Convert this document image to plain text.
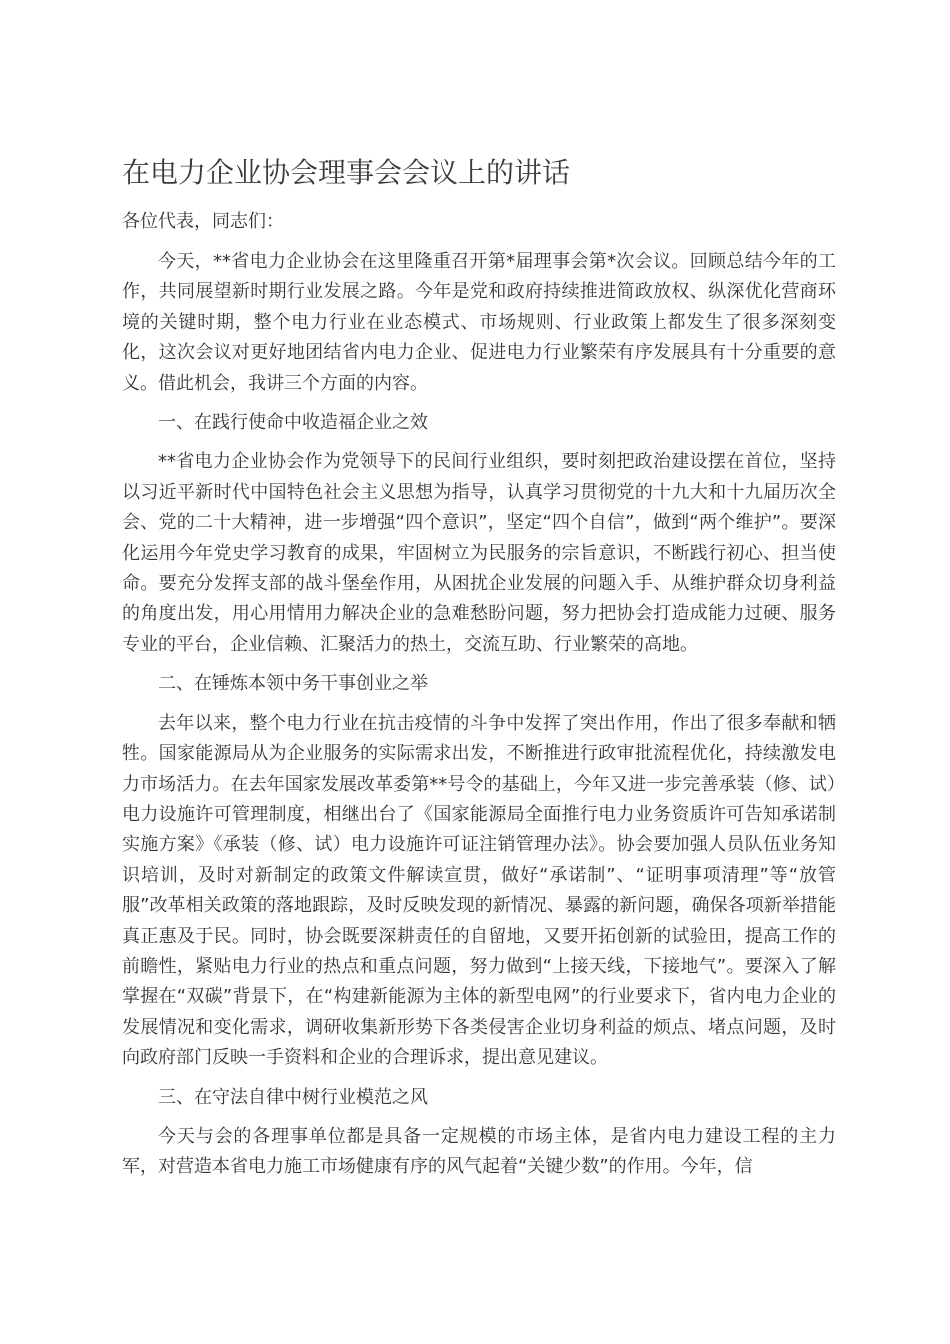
在电力企业协会理事会会议上的讲话

各位代表，同志们：

今天，**省电力企业协会在这里隆重召开第*届理事会第*次会议。回顾总结今年的工作，共同展望新时期行业发展之路。今年是党和政府持续推进简政放权、纵深优化营商环境的关键时期，整个电力行业在业态模式、市场规则、行业政策上都发生了很多深刻变化，这次会议对更好地团结省内电力企业、促进电力行业繁荣有序发展具有十分重要的意义。借此机会，我讲三个方面的内容。

一、在践行使命中收造福企业之效

**省电力企业协会作为党领导下的民间行业组织，要时刻把政治建设摆在首位，坚持以习近平新时代中国特色社会主义思想为指导，认真学习贯彻党的十九大和十九届历次全会、党的二十大精神，进一步增强“四个意识”，坚定“四个自信”，做到“两个维护”。要深化运用今年党史学习教育的成果，牢固树立为民服务的宗旨意识，不断践行初心、担当使命。要充分发挥支部的战斗堡垒作用，从困扰企业发展的问题入手、从维护群众切身利益的角度出发，用心用情用力解决企业的急难愁盼问题，努力把协会打造成能力过硬、服务专业的平台，企业信赖、汇聚活力的热土，交流互助、行业繁荣的高地。

二、在锤炼本领中务干事创业之举

去年以来，整个电力行业在抗击疫情的斗争中发挥了突出作用，作出了很多奉献和牺牲。国家能源局从为企业服务的实际需求出发，不断推进行政审批流程优化，持续激发电力市场活力。在去年国家发展改革委第**号令的基础上，今年又进一步完善承装（修、试）电力设施许可管理制度，相继出台了《国家能源局全面推行电力业务资质许可告知承诺制实施方案》《承装（修、试）电力设施许可证注销管理办法》。协会要加强人员队伍业务知识培训，及时对新制定的政策文件解读宣贯，做好“承诺制”、“证明事项清理”等“放管服”改革相关政策的落地跟踪，及时反映发现的新情况、暴露的新问题，确保各项新举措能真正惠及于民。同时，协会既要深耕责任的自留地，又要开拓创新的试验田，提高工作的前瞻性，紧贴电力行业的热点和重点问题，努力做到“上接天线，下接地气”。要深入了解掌握在“双碳”背景下，在“构建新能源为主体的新型电网”的行业要求下，省内电力企业的发展情况和变化需求，调研收集新形势下各类侵害企业切身利益的烦点、堵点问题，及时向政府部门反映一手资料和企业的合理诉求，提出意见建议。

三、在守法自律中树行业模范之风

今天与会的各理事单位都是具备一定规模的市场主体，是省内电力建设工程的主力军，对营造本省电力施工市场健康有序的风气起着“关键少数”的作用。今年，信
